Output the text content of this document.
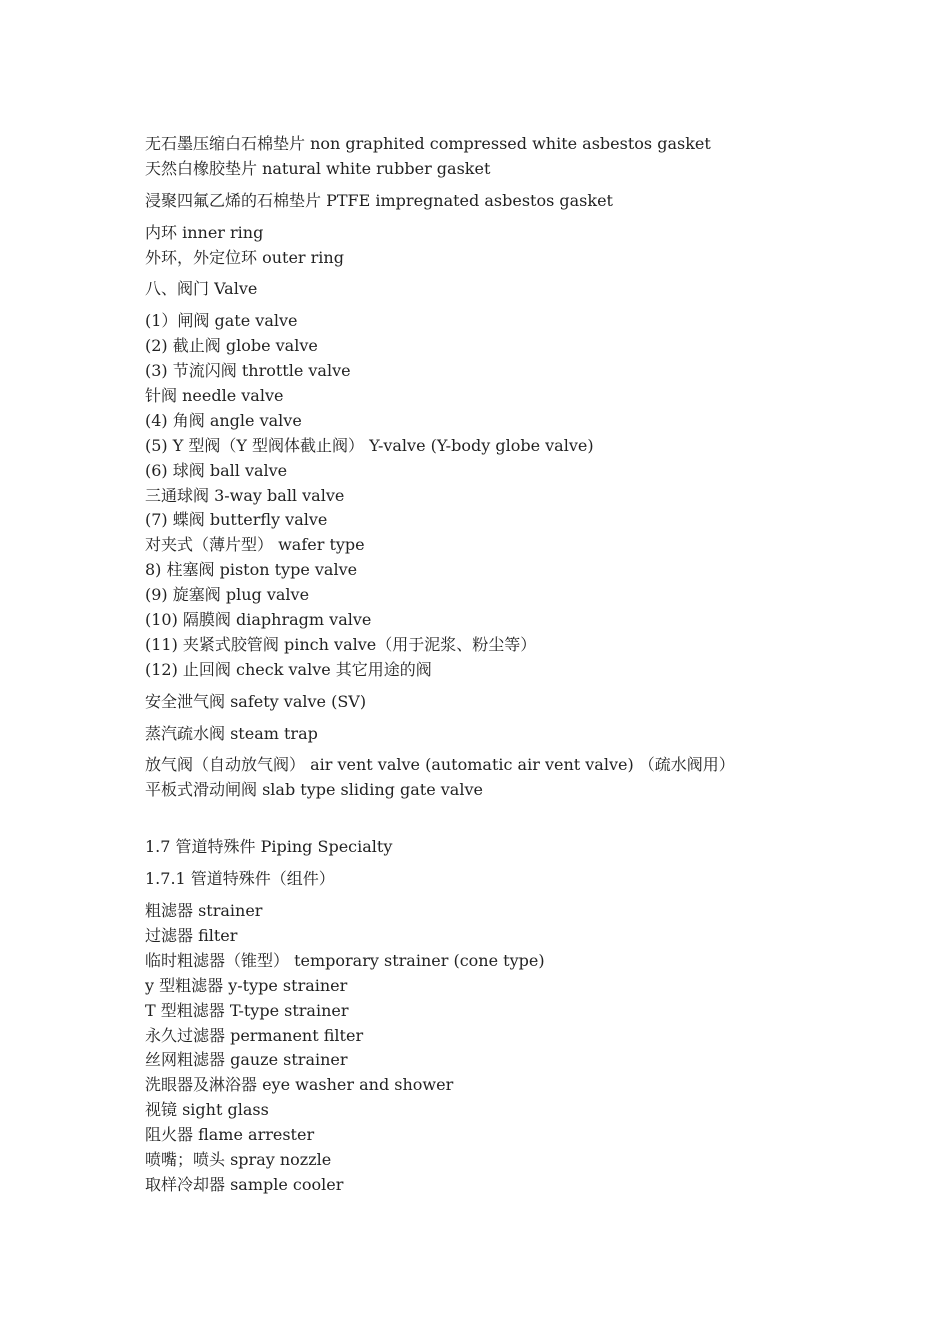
无石墨压缩白石棉垫片 non graphited compressed white asbestos gasket
天然白橡胶垫片 natural white rubber gasket
浸聚四氟乙烯的石棉垫片 PTFE impregnated asbestos gasket
内环 inner ring
外环，外定位环 outer ring
八、阀门 Valve
(1）闸阀 gate valve
(2) 截止阀 globe valve
(3) 节流闪阀 throttle valve
针阀 needle valve
(4) 角阀 angle valve
(5) Y 型阀（Y 型阀体截止阀） Y-valve (Y-body globe valve)
(6) 球阀 ball valve
三通球阀 3-way ball valve
(7) 蝶阀 butterfly valve
对夹式（薄片型） wafer type
8) 柱塞阀 piston type valve
(9) 旋塞阀 plug valve
(10) 隔膜阀 diaphragm valve
(11) 夹紧式胶管阀 pinch valve（用于泥浆、粉尘等）
(12) 止回阀 check valve 其它用途的阀
安全泄气阀 safety valve (SV)
蒸汽疏水阀 steam trap
放气阀（自动放气阀） air vent valve (automatic air vent valve) （疏水阀用）
平板式滑动闸阀 slab type sliding gate valve
1.7 管道特殊件 Piping Specialty
1.7.1 管道特殊件（组件）
粗滤器 strainer
过滤器 filter
临时粗滤器（锥型） temporary strainer (cone type)
y 型粗滤器 y-type strainer
T 型粗滤器 T-type strainer
永久过滤器 permanent filter
丝网粗滤器 gauze strainer
洗眼器及淋浴器 eye washer and shower
视镜 sight glass
阻火器 flame arrester
喷嘴；喷头 spray nozzle
取样冷却器 sample cooler
